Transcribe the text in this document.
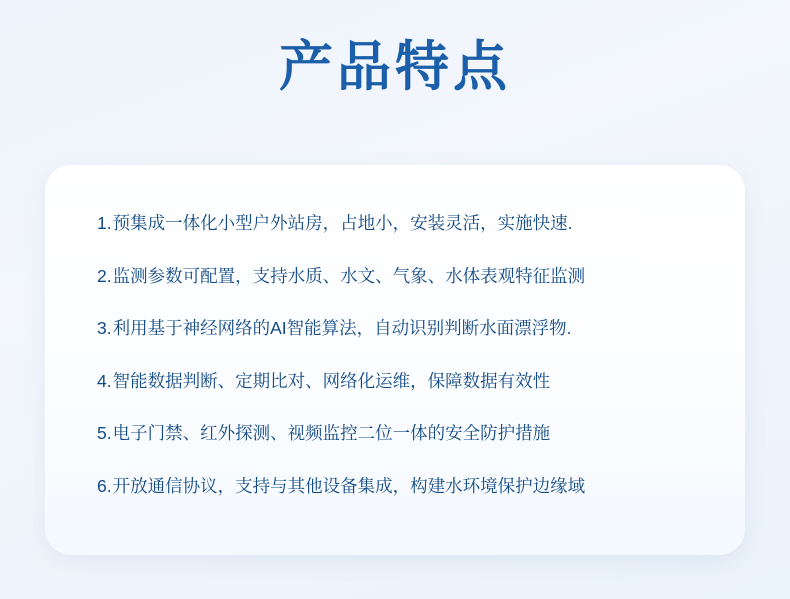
产品特点
1. 预集成一体化小型户外站房，占地小，安装灵活，实施快速.
2. 监测参数可配置，支持水质、水文、气象、水体表观特征监测
3. 利用基于神经网络的AI智能算法，自动识别判断水面漂浮物.
4. 智能数据判断、定期比对、网络化运维，保障数据有效性
5. 电子门禁、红外探测、视频监控二位一体的安全防护措施
6. 开放通信协议，支持与其他设备集成，构建水环境保护边缘域
